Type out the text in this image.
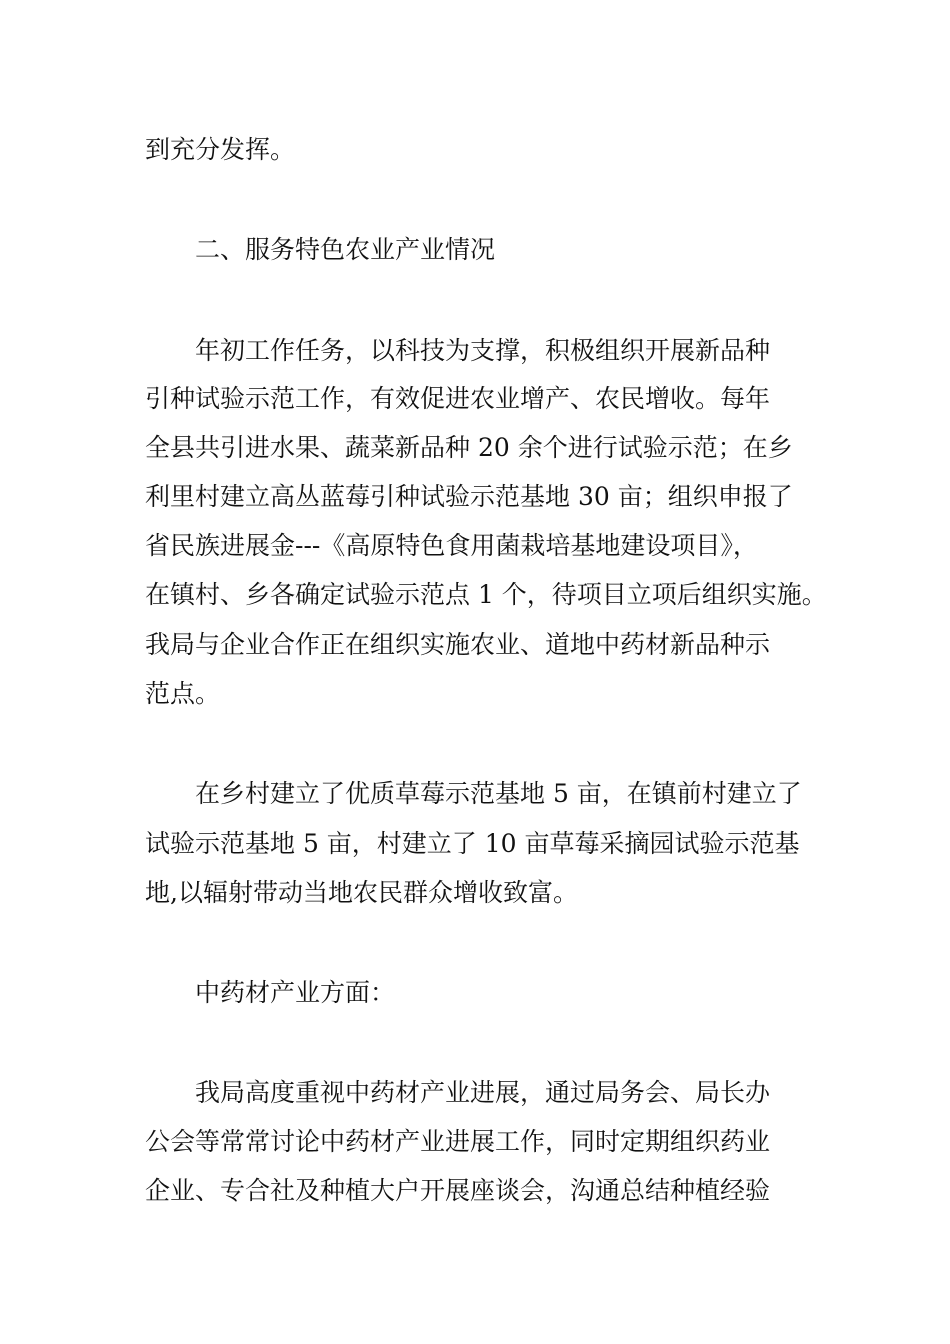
到充分发挥。
二、服务特色农业产业情况
年初工作任务，以科技为支撑，积极组织开展新品种
引种试验示范工作，有效促进农业增产、农民增收。每年
全县共引进水果、蔬菜新品种 20 余个进行试验示范；在乡
利里村建立高丛蓝莓引种试验示范基地 30 亩；组织申报了
省民族进展金---《高原特色食用菌栽培基地建设项目》，
在镇村、乡各确定试验示范点 1 个，待项目立项后组织实施。
我局与企业合作正在组织实施农业、道地中药材新品种示
范点。
在乡村建立了优质草莓示范基地 5 亩，在镇前村建立了
试验示范基地 5 亩，村建立了 10 亩草莓采摘园试验示范基
地,以辐射带动当地农民群众增收致富。
中药材产业方面：
我局高度重视中药材产业进展，通过局务会、局长办
公会等常常讨论中药材产业进展工作，同时定期组织药业
企业、专合社及种植大户开展座谈会，沟通总结种植经验
